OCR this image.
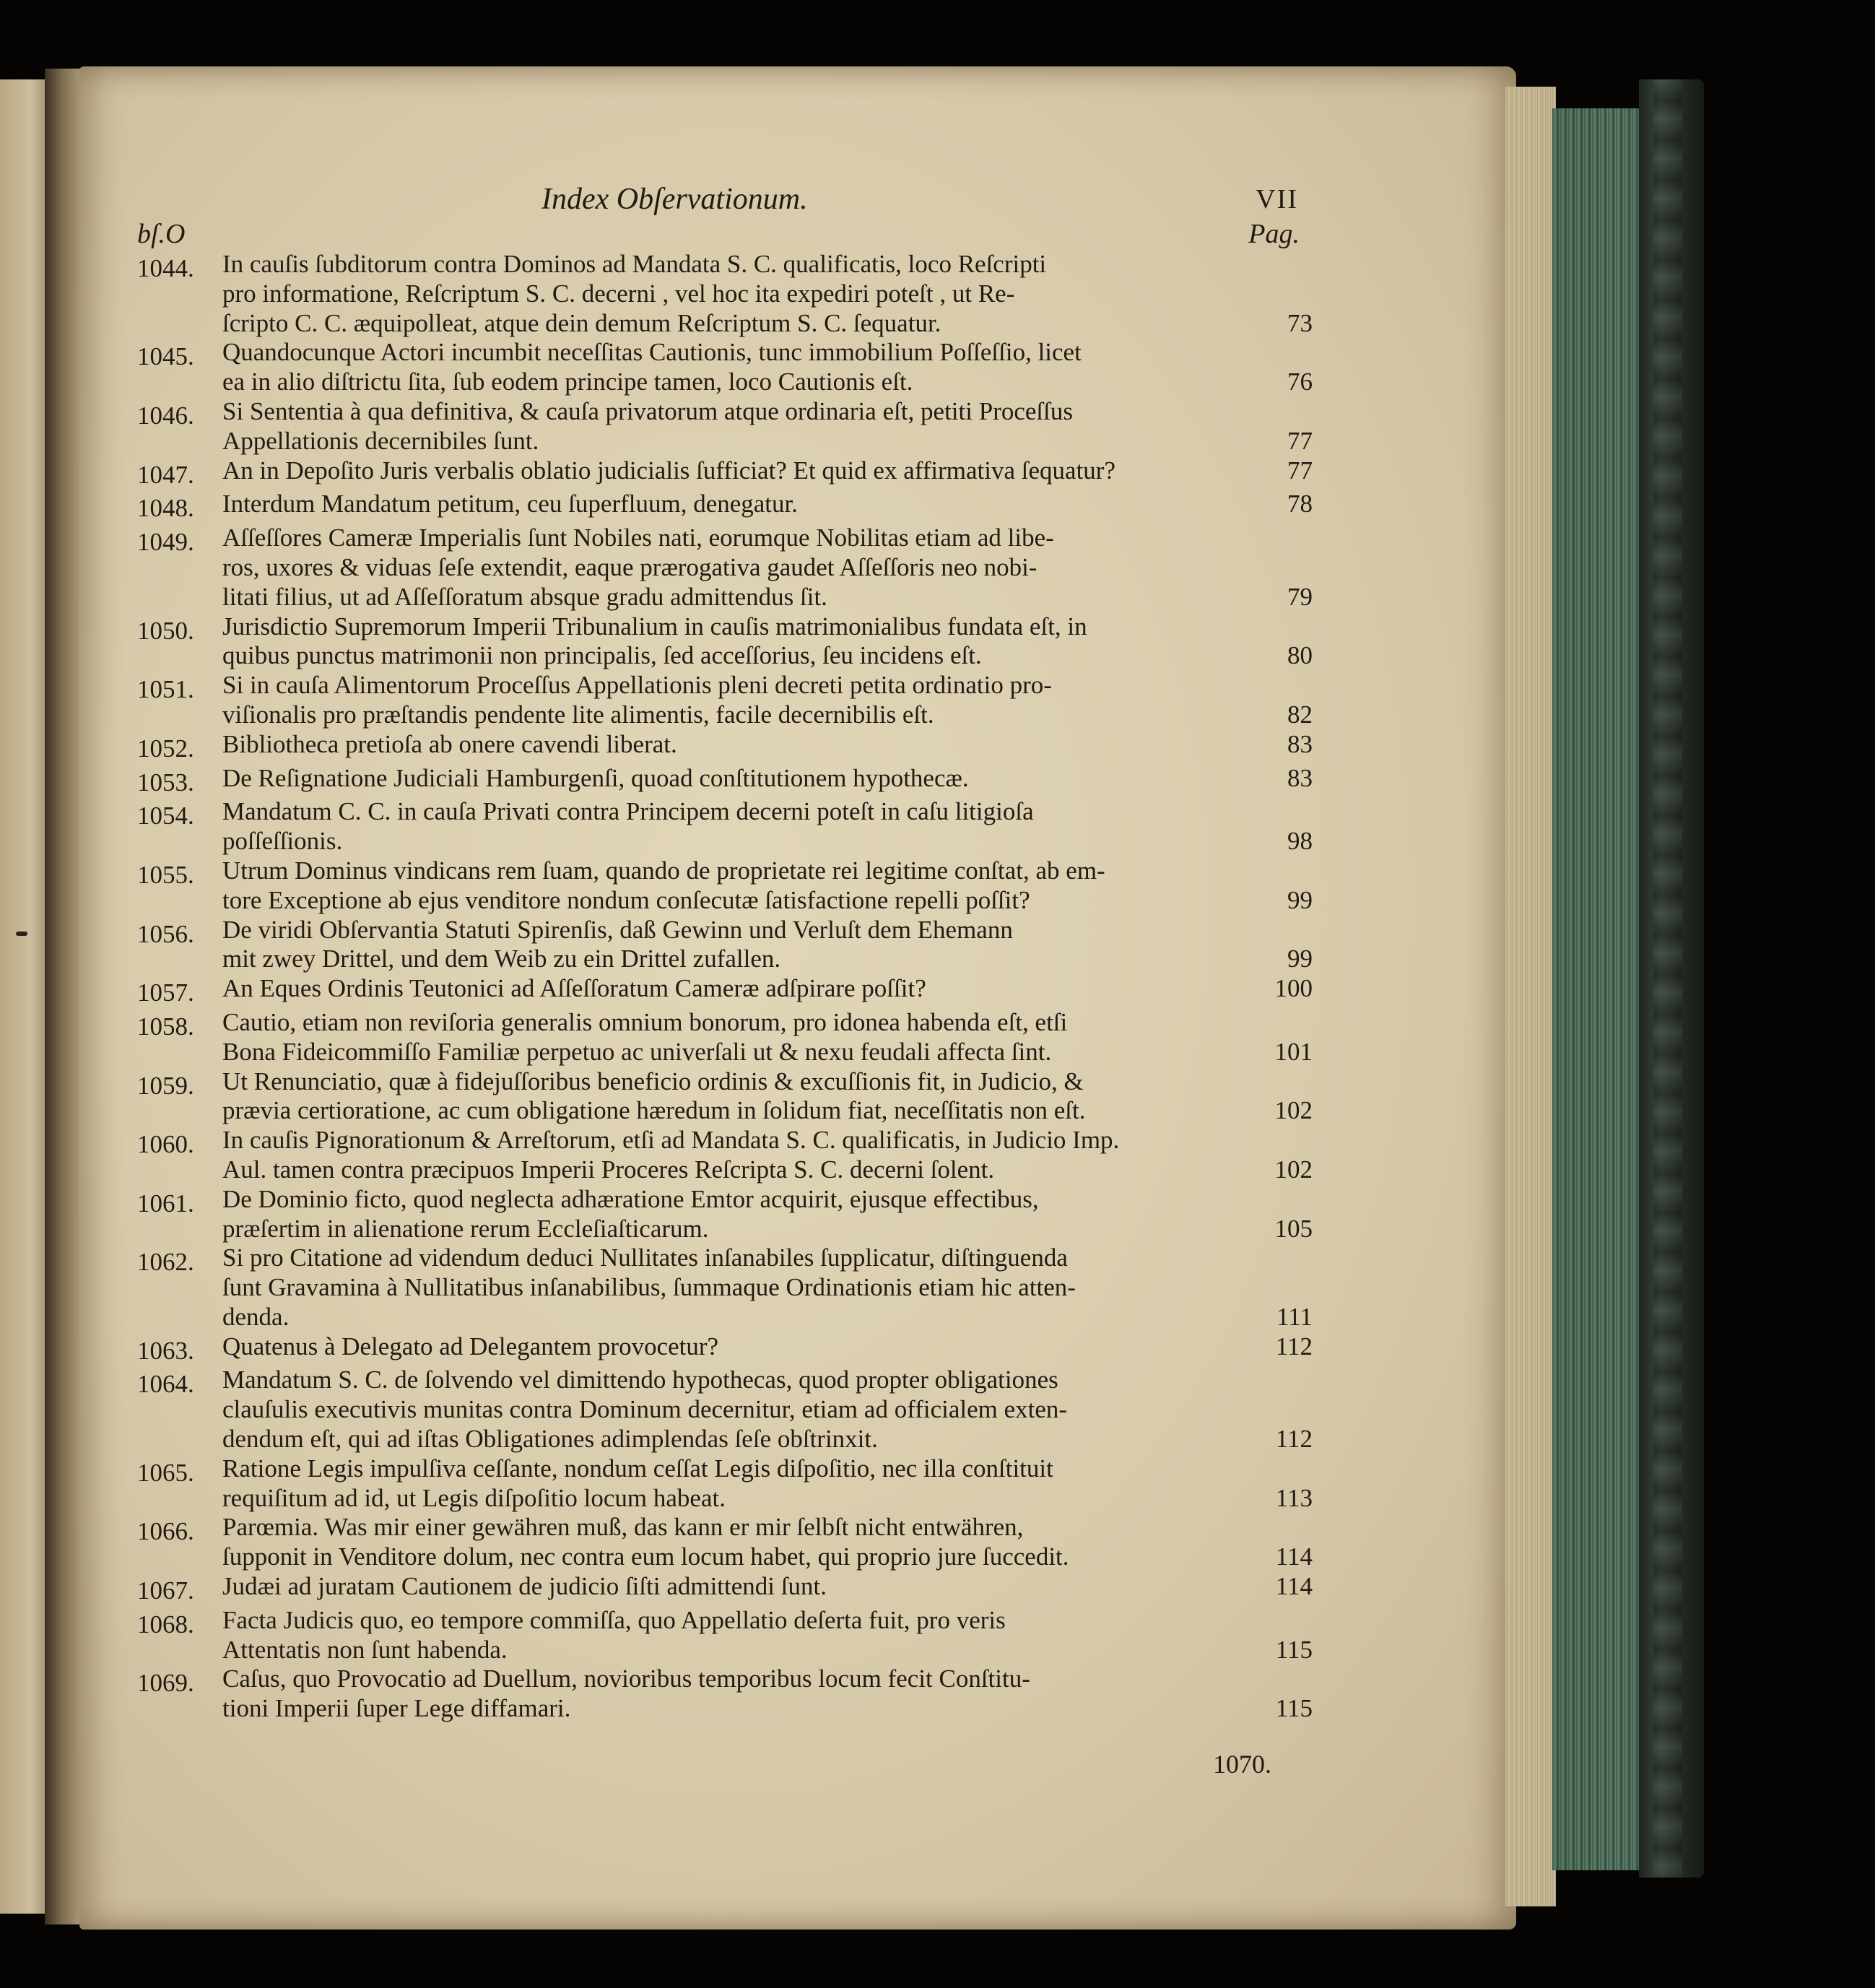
Index Obſervationum.	VII
bſ.O	Pag.
1044.	In cauſis ſubditorum contra Dominos ad Mandata S. C. qualificatis, loco Reſcripti
pro informatione, Reſcriptum S. C. decerni , vel hoc ita expediri poteſt , ut Re-
ſcripto C. C. æquipolleat, atque dein demum Reſcriptum S. C. ſequatur.	73
1045.	Quandocunque Actori incumbit neceſſitas Cautionis, tunc immobilium Poſſeſſio, licet
ea in alio diſtrictu ſita, ſub eodem principe tamen, loco Cautionis eſt.	76
1046.	Si Sententia à qua definitiva, & cauſa privatorum atque ordinaria eſt, petiti Proceſſus
Appellationis decernibiles ſunt.	77
1047.	An in Depoſito Juris verbalis oblatio judicialis ſufficiat? Et quid ex affirmativa ſequatur?	77
1048.	Interdum Mandatum petitum, ceu ſuperfluum, denegatur.	78
1049.	Aſſeſſores Cameræ Imperialis ſunt Nobiles nati, eorumque Nobilitas etiam ad libe-
ros, uxores & viduas ſeſe extendit, eaque prærogativa gaudet Aſſeſſoris neo nobi-
litati filius, ut ad Aſſeſſoratum absque gradu admittendus ſit.	79
1050.	Jurisdictio Supremorum Imperii Tribunalium in cauſis matrimonialibus fundata eſt, in
quibus punctus matrimonii non principalis, ſed acceſſorius, ſeu incidens eſt.	80
1051.	Si in cauſa Alimentorum Proceſſus Appellationis pleni decreti petita ordinatio pro-
viſionalis pro præſtandis pendente lite alimentis, facile decernibilis eſt.	82
1052.	Bibliotheca pretioſa ab onere cavendi liberat.	83
1053.	De Reſignatione Judiciali Hamburgenſi, quoad conſtitutionem hypothecæ.	83
1054.	Mandatum C. C. in cauſa Privati contra Principem decerni poteſt in caſu litigioſa
poſſeſſionis.	98
1055.	Utrum Dominus vindicans rem ſuam, quando de proprietate rei legitime conſtat, ab em-
tore Exceptione ab ejus venditore nondum conſecutæ ſatisfactione repelli poſſit?	99
1056.	De viridi Obſervantia Statuti Spirenſis, daß Gewinn und Verluſt dem Ehemann
mit zwey Drittel, und dem Weib zu ein Drittel zufallen.	99
1057.	An Eques Ordinis Teutonici ad Aſſeſſoratum Cameræ adſpirare poſſit?	100
1058.	Cautio, etiam non reviſoria generalis omnium bonorum, pro idonea habenda eſt, etſi
Bona Fideicommiſſo Familiæ perpetuo ac univerſali ut & nexu feudali affecta ſint.	101
1059.	Ut Renunciatio, quæ à fidejuſſoribus beneficio ordinis & excuſſionis fit, in Judicio, &
prævia certioratione, ac cum obligatione hæredum in ſolidum fiat, neceſſitatis non eſt.	102
1060.	In cauſis Pignorationum & Arreſtorum, etſi ad Mandata S. C. qualificatis, in Judicio Imp.
Aul. tamen contra præcipuos Imperii Proceres Reſcripta S. C. decerni ſolent.	102
1061.	De Dominio ficto, quod neglecta adhæratione Emtor acquirit, ejusque effectibus,
præſertim in alienatione rerum Eccleſiaſticarum.	105
1062.	Si pro Citatione ad videndum deduci Nullitates inſanabiles ſupplicatur, diſtinguenda
ſunt Gravamina à Nullitatibus inſanabilibus, ſummaque Ordinationis etiam hic atten-
denda.	111
1063.	Quatenus à Delegato ad Delegantem provocetur?	112
1064.	Mandatum S. C. de ſolvendo vel dimittendo hypothecas, quod propter obligationes
clauſulis executivis munitas contra Dominum decernitur, etiam ad officialem exten-
dendum eſt, qui ad iſtas Obligationes adimplendas ſeſe obſtrinxit.	112
1065.	Ratione Legis impulſiva ceſſante, nondum ceſſat Legis diſpoſitio, nec illa conſtituit
requiſitum ad id, ut Legis diſpoſitio locum habeat.	113
1066.	Parœmia. Was mir einer gewähren muß, das kann er mir ſelbſt nicht entwähren,
ſupponit in Venditore dolum, nec contra eum locum habet, qui proprio jure ſuccedit.	114
1067.	Judæi ad juratam Cautionem de judicio ſiſti admittendi ſunt.	114
1068.	Facta Judicis quo, eo tempore commiſſa, quo Appellatio deſerta fuit, pro veris
Attentatis non ſunt habenda.	115
1069.	Caſus, quo Provocatio ad Duellum, novioribus temporibus locum fecit Conſtitu-
tioni Imperii ſuper Lege diffamari.	115
1070.
